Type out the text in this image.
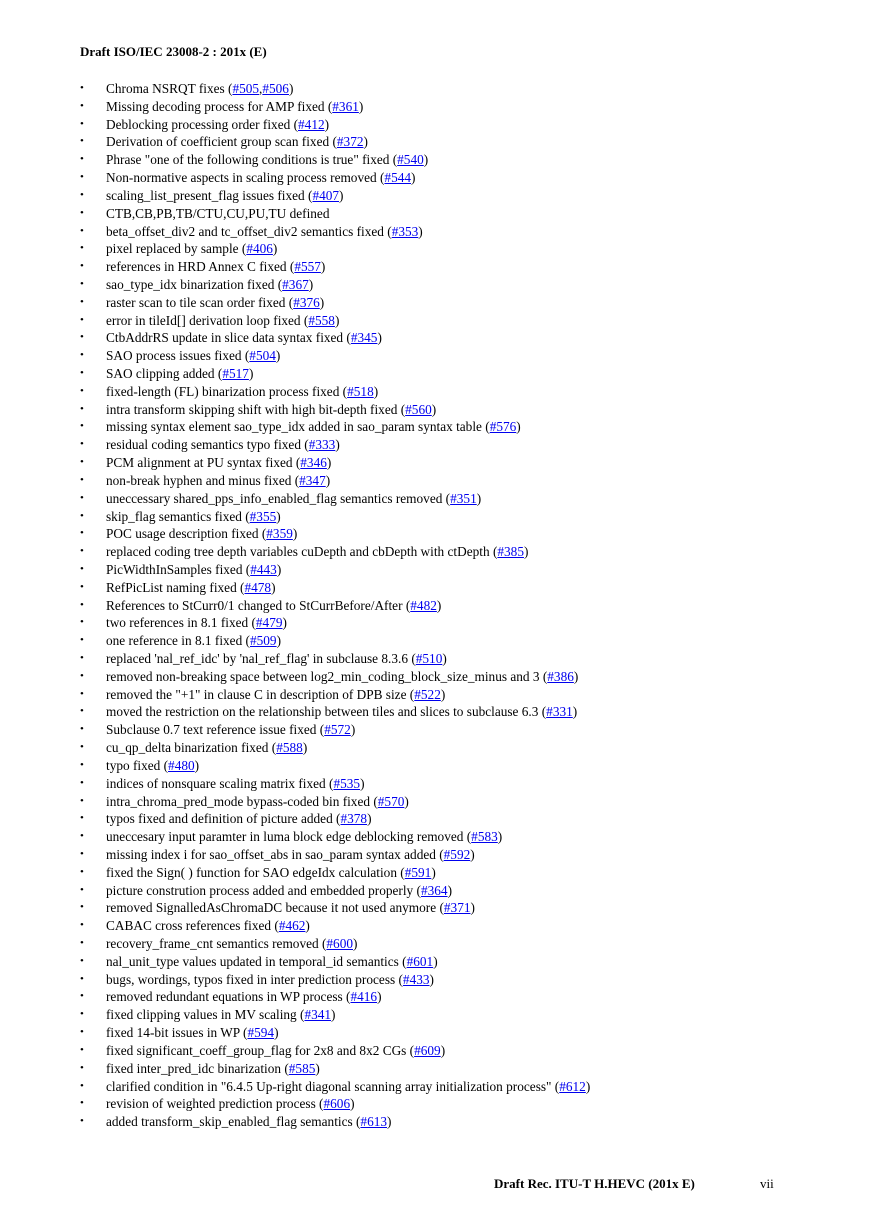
Draft ISO/IEC 23008-2 : 201x (E)

• Chroma NSRQT fixes (#505,#506)
• Missing decoding process for AMP fixed (#361)
• Deblocking processing order fixed (#412)
• Derivation of coefficient group scan fixed (#372)
• Phrase "one of the following conditions is true" fixed (#540)
• Non-normative aspects in scaling process removed (#544)
• scaling_list_present_flag issues fixed (#407)
• CTB,CB,PB,TB/CTU,CU,PU,TU defined
• beta_offset_div2 and tc_offset_div2 semantics fixed (#353)
• pixel replaced by sample (#406)
• references in HRD Annex C fixed (#557)
• sao_type_idx binarization fixed (#367)
• raster scan to tile scan order fixed (#376)
• error in tileId[] derivation loop fixed (#558)
• CtbAddrRS update in slice data syntax fixed (#345)
• SAO process issues fixed (#504)
• SAO clipping added (#517)
• fixed-length (FL) binarization process fixed (#518)
• intra transform skipping shift with high bit-depth fixed (#560)
• missing syntax element sao_type_idx added in sao_param syntax table (#576)
• residual coding semantics typo fixed (#333)
• PCM alignment at PU syntax fixed (#346)
• non-break hyphen and minus fixed (#347)
• uneccessary shared_pps_info_enabled_flag semantics removed (#351)
• skip_flag semantics fixed (#355)
• POC usage description fixed (#359)
• replaced coding tree depth variables cuDepth and cbDepth with ctDepth (#385)
• PicWidthInSamples fixed (#443)
• RefPicList naming fixed (#478)
• References to StCurr0/1 changed to StCurrBefore/After (#482)
• two references in 8.1 fixed (#479)
• one reference in 8.1 fixed (#509)
• replaced 'nal_ref_idc' by 'nal_ref_flag' in subclause 8.3.6 (#510)
• removed non-breaking space between log2_min_coding_block_size_minus and 3 (#386)
• removed the "+1" in clause C in description of DPB size (#522)
• moved the restriction on the relationship between tiles and slices to subclause 6.3 (#331)
• Subclause 0.7 text reference issue fixed (#572)
• cu_qp_delta binarization fixed (#588)
• typo fixed (#480)
• indices of nonsquare scaling matrix fixed (#535)
• intra_chroma_pred_mode bypass-coded bin fixed (#570)
• typos fixed and definition of picture added (#378)
• uneccesary input paramter in luma block edge deblocking removed (#583)
• missing index i for sao_offset_abs in sao_param syntax added (#592)
• fixed the Sign( ) function for SAO edgeIdx calculation (#591)
• picture constrution process added and embedded properly (#364)
• removed SignalledAsChromaDC because it not used anymore (#371)
• CABAC cross references fixed (#462)
• recovery_frame_cnt semantics removed (#600)
• nal_unit_type values updated in temporal_id semantics (#601)
• bugs, wordings, typos fixed in inter prediction process (#433)
• removed redundant equations in WP process (#416)
• fixed clipping values in MV scaling (#341)
• fixed 14-bit issues in WP (#594)
• fixed significant_coeff_group_flag for 2x8 and 8x2 CGs (#609)
• fixed inter_pred_idc binarization (#585)
• clarified condition in "6.4.5 Up-right diagonal scanning array initialization process" (#612)
• revision of weighted prediction process (#606)
• added transform_skip_enabled_flag semantics (#613)

Draft Rec. ITU-T H.HEVC (201x E)	vii
